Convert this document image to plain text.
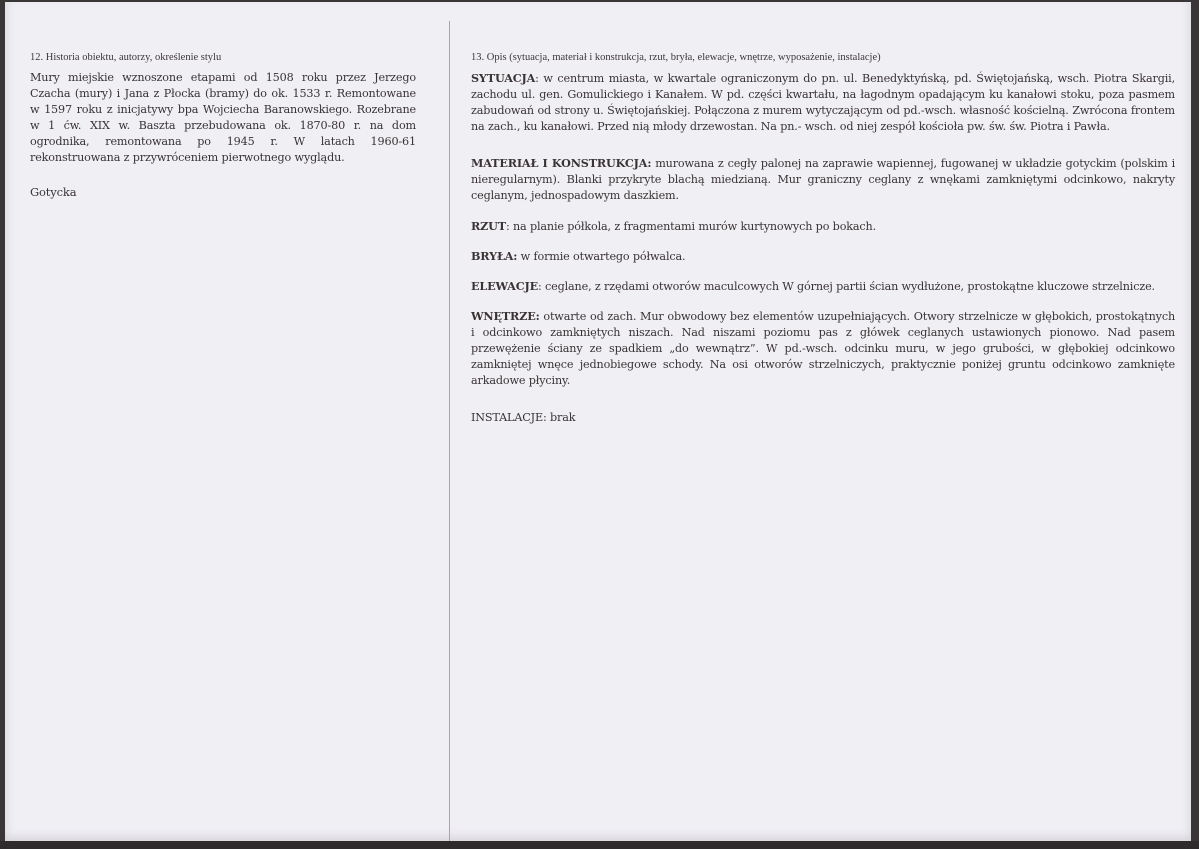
12. Historia obiektu, autorzy, określenie stylu

Mury miejskie wznoszone etapami od 1508 roku przez Jerzego Czacha (mury) i Jana z Płocka (bramy) do ok. 1533 r. Remontowane w 1597 roku z inicjatywy bpa Wojciecha Baranowskiego. Rozebrane w 1 ćw. XIX w. Baszta przebudowana ok. 1870-80 r. na dom ogrodnika, remontowana po 1945 r. W latach 1960-61 rekonstruowana z przywróceniem pierwotnego wyglądu.

Gotycka

13. Opis (sytuacja, materiał i konstrukcja, rzut, bryła, elewacje, wnętrze, wyposażenie, instalacje)

SYTUACJA: w centrum miasta, w kwartale ograniczonym do pn. ul. Benedyktyńską, pd. Świętojańską, wsch. Piotra Skargii, zachodu ul. gen. Gomulickiego i Kanałem. W pd. części kwartału, na łagodnym opadającym ku kanałowi stoku, poza pasmem zabudowań od strony u. Świętojańskiej. Połączona z murem wytyczającym od pd.-wsch. własność kościelną. Zwrócona frontem na zach., ku kanałowi. Przed nią młody drzewostan. Na pn.- wsch. od niej zespół kościoła pw. św. św. Piotra i Pawła.

MATERIAŁ I KONSTRUKCJA: murowana z cegły palonej na zaprawie wapiennej, fugowanej w układzie gotyckim (polskim i nieregularnym). Blanki przykryte blachą miedzianą. Mur graniczny ceglany z wnękami zamkniętymi odcinkowo, nakryty ceglanym, jednospadowym daszkiem.

RZUT: na planie półkola, z fragmentami murów kurtynowych po bokach.

BRYŁA: w formie otwartego półwalca.

ELEWACJE: ceglane, z rzędami otworów maculcowych W górnej partii ścian wydłużone, prostokątne kluczowe strzelnicze.

WNĘTRZE: otwarte od zach. Mur obwodowy bez elementów uzupełniających. Otwory strzelnicze w głębokich, prostokątnych i odcinkowo zamkniętych niszach. Nad niszami poziomu pas z główek ceglanych ustawionych pionowo. Nad pasem przewężenie ściany ze spadkiem „do wewnątrz”. W pd.-wsch. odcinku muru, w jego grubości, w głębokiej odcinkowo zamkniętej wnęce jednobiegowe schody. Na osi otworów strzelniczych, praktycznie poniżej gruntu odcinkowo zamknięte arkadowe płyciny.

INSTALACJE: brak
